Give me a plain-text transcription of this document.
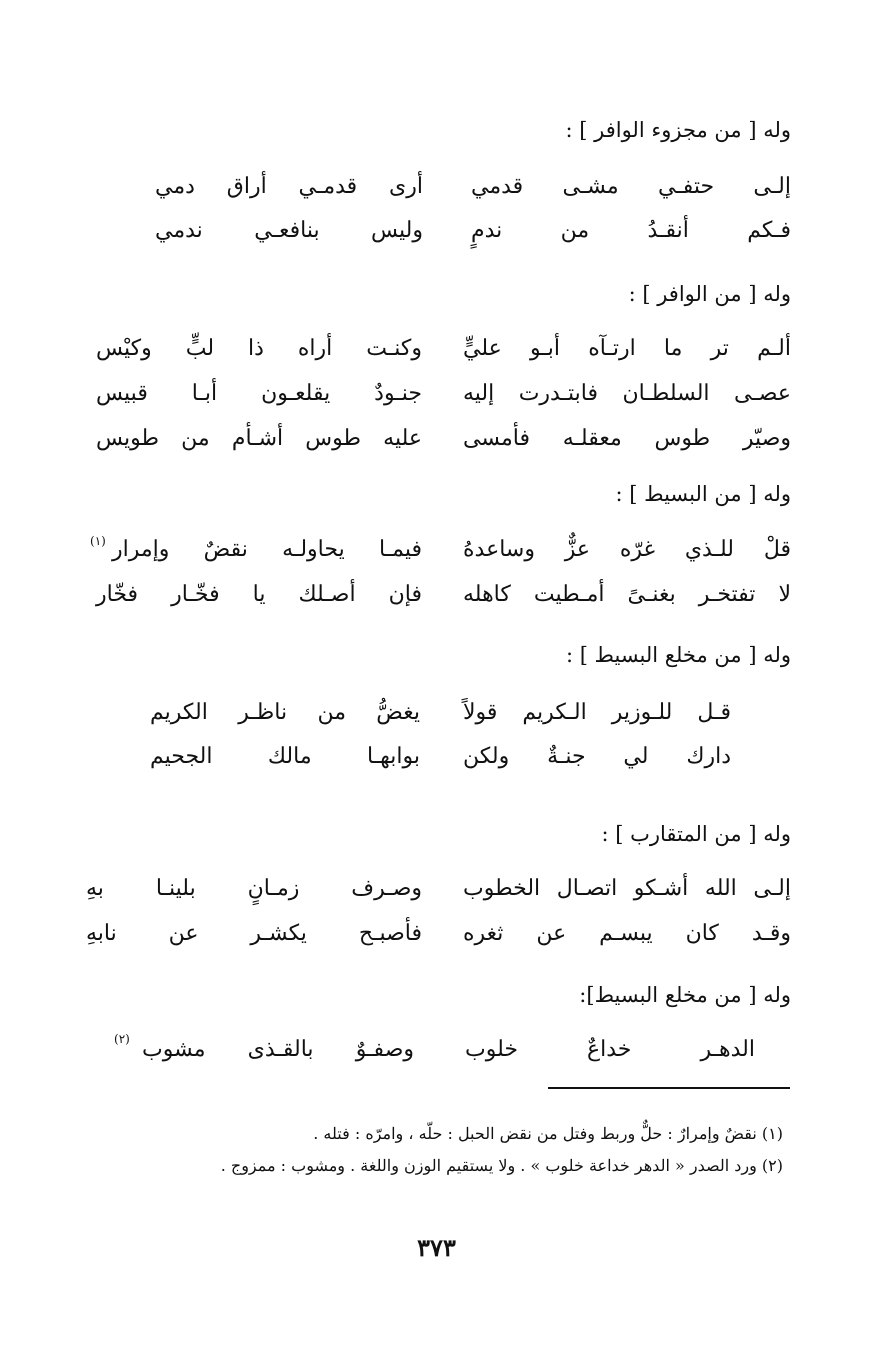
وله [ من مجزوء الوافر ] :
إلـى حتفـي مشـى قدمي
أرى قدمـي أراق دمي
فـكم أنقـدُ من ندمٍ
وليس بنافعـي ندمي
وله [ من الوافر ] :
ألـم تر ما ارتـآه أبـو عليٍّ
وكنـت أراه ذا لبٍّ وكيْس
عصـى السلطـان فابتـدرت إليه
جنـودٌ يقلعـون أبـا قبيس
وصيّر طوس معقلـه فأمسى
عليه طوس أشـأم من طويس
وله [ من البسيط ] :
قلْ للـذي غرّه عزٌّ وساعدهُ
فيمـا يحاولـه نقضٌ وإمرار
(١)
لا تفتخـر بغنـىً أمـطيت كاهله
فإن أصـلك يا فخّـار فخّار
وله [ من مخلع البسيط ] :
قـل للـوزير الـكريم قولاً
يغضُّ من ناظـر الكريم
دارك لي جنـةٌ ولكن
بوابهـا مالك الجحيم
وله [ من المتقارب ] :
إلـى الله أشـكو اتصـال الخطوب
وصـرف زمـانٍ بلينـا بهِ
وقـد كان يبسـم عن ثغره
فأصبـح يكشـر عن نابهِ
وله [ من مخلع البسيط]:
الدهـر خداعٌ خلوب
وصفـوٌ بالقـذى مشوب
(٢)
(١) نقضٌ وإمرارٌ : حلٌّ وربط وفتل من نقض الحبل : حلّه ، وامرّه : فتله .
(٢) ورد الصدر « الدهر خداعة خلوب » . ولا يستقيم الوزن واللغة . ومشوب : ممزوج .
٣٧٣
